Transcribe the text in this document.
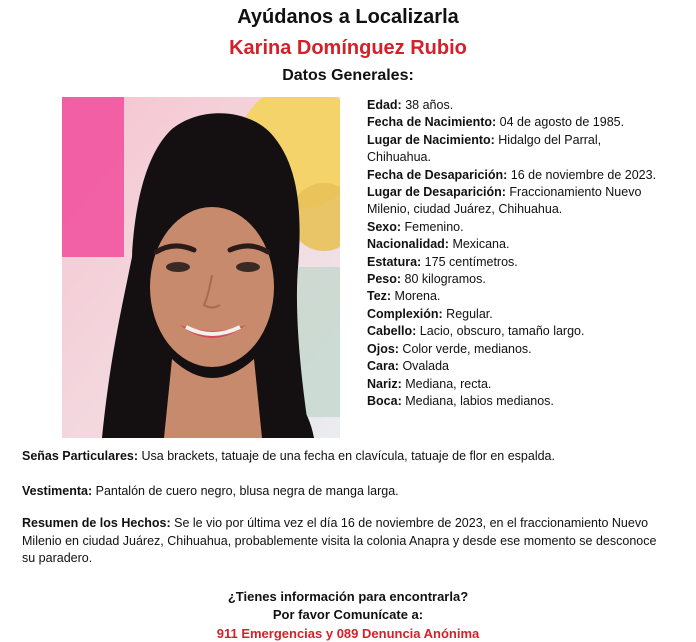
Ayúdanos a Localizarla
Karina Domínguez Rubio
Datos Generales:

Edad: 38 años.

Fecha de Nacimiento: 04 de agosto de 1985.

Lugar de Nacimiento: Hidalgo del Parral, Chihuahua.

Fecha de Desaparición: 16 de noviembre de 2023.

Lugar de Desaparición: Fraccionamiento Nuevo Milenio, ciudad Juárez, Chihuahua.

Sexo: Femenino.

Nacionalidad: Mexicana.

Estatura: 175 centímetros.

Peso: 80 kilogramos.

Tez: Morena.

Complexión: Regular.

Cabello: Lacio, obscuro, tamaño largo.

Ojos: Color verde, medianos.

Cara: Ovalada

Nariz: Mediana, recta.

Boca: Mediana, labios medianos.

Señas Particulares: Usa brackets, tatuaje de una fecha en clavícula, tatuaje de flor en espalda.

Vestimenta: Pantalón de cuero negro, blusa negra de manga larga.

Resumen de los Hechos: Se le vio por última vez el día 16 de noviembre de 2023, en el fraccionamiento Nuevo Milenio en ciudad Juárez, Chihuahua, probablemente visita la colonia Anapra y desde ese momento se desconoce su paradero.

¿Tienes información para encontrarla?
Por favor Comunícate a:
911 Emergencias y 089 Denuncia Anónima
